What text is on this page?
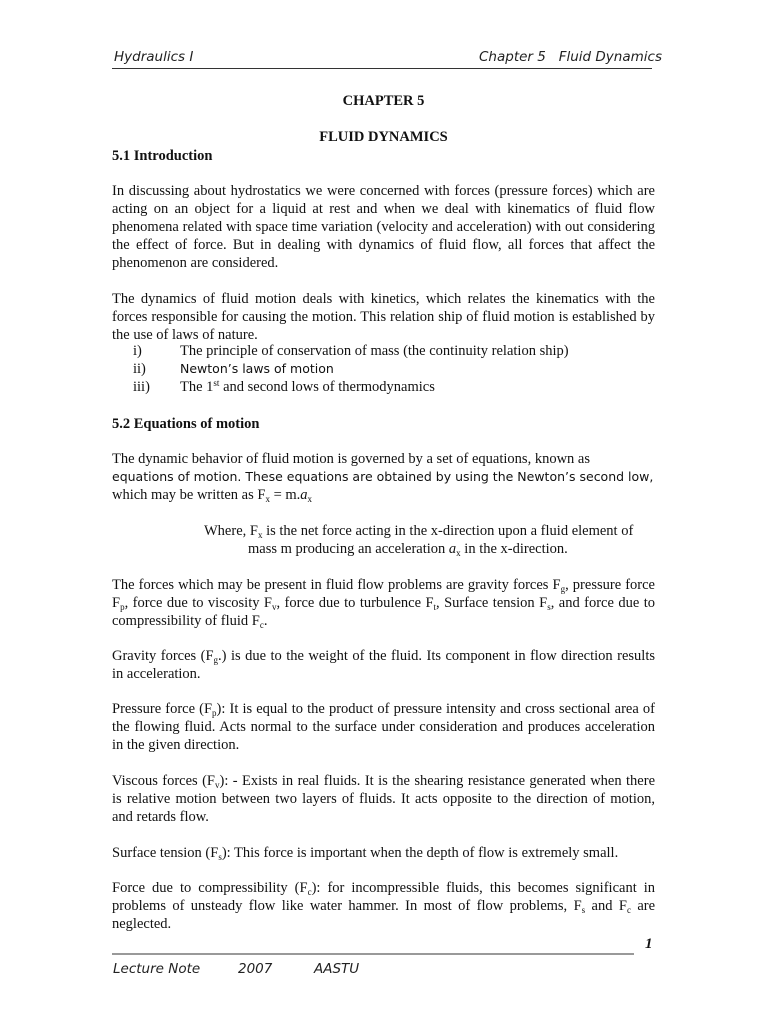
Hydraulics I	Chapter 5   Fluid Dynamics
CHAPTER 5
FLUID DYNAMICS
5.1 Introduction
In discussing about hydrostatics we were concerned with forces (pressure forces) which are acting on an object for a liquid at rest and when we deal with kinematics of fluid flow phenomena related with space time variation (velocity and acceleration) with out considering the effect of force. But in dealing with dynamics of fluid flow, all forces that affect the phenomenon are considered.
The dynamics of fluid motion deals with kinetics, which relates the kinematics with the forces responsible for causing the motion. This relation ship of fluid motion is established by the use of laws of nature.
i)	The principle of conservation of mass (the continuity relation ship)
ii)	Newton’s laws of motion
iii) The 1st and second lows of thermodynamics
5.2 Equations of motion
The dynamic behavior of fluid motion is governed by a set of equations, known as
equations of motion. These equations are obtained by using the Newton’s second low,
which may be written as $F_x = m.a_x$
Where, $F_x$ is the net force acting in the x-direction upon a fluid element of
mass m producing an acceleration $a_x$ in the x-direction.
The forces which may be present in fluid flow problems are gravity forces $F_g$, pressure force $F_p$, force due to viscosity $F_v$, force due to turbulence $F_t$, Surface tension $F_s$, and force due to compressibility of fluid $F_c$.
Gravity forces $(F_g.)$ is due to the weight of the fluid. Its component in flow direction results in acceleration.
Pressure force $(F_p)$: It is equal to the product of pressure intensity and cross sectional area of the flowing fluid. Acts normal to the surface under consideration and produces acceleration in the given direction.
Viscous forces $(F_v)$: - Exists in real fluids. It is the shearing resistance generated when there is relative motion between two layers of fluids. It acts opposite to the direction of motion, and retards flow.
Surface tension $(F_s)$: This force is important when the depth of flow is extremely small.
Force due to compressibility $(F_c)$: for incompressible fluids, this becomes significant in problems of unsteady flow like water hammer. In most of flow problems, $F_s$ and $F_c$ are neglected.
1
Lecture Note	2007	AASTU
